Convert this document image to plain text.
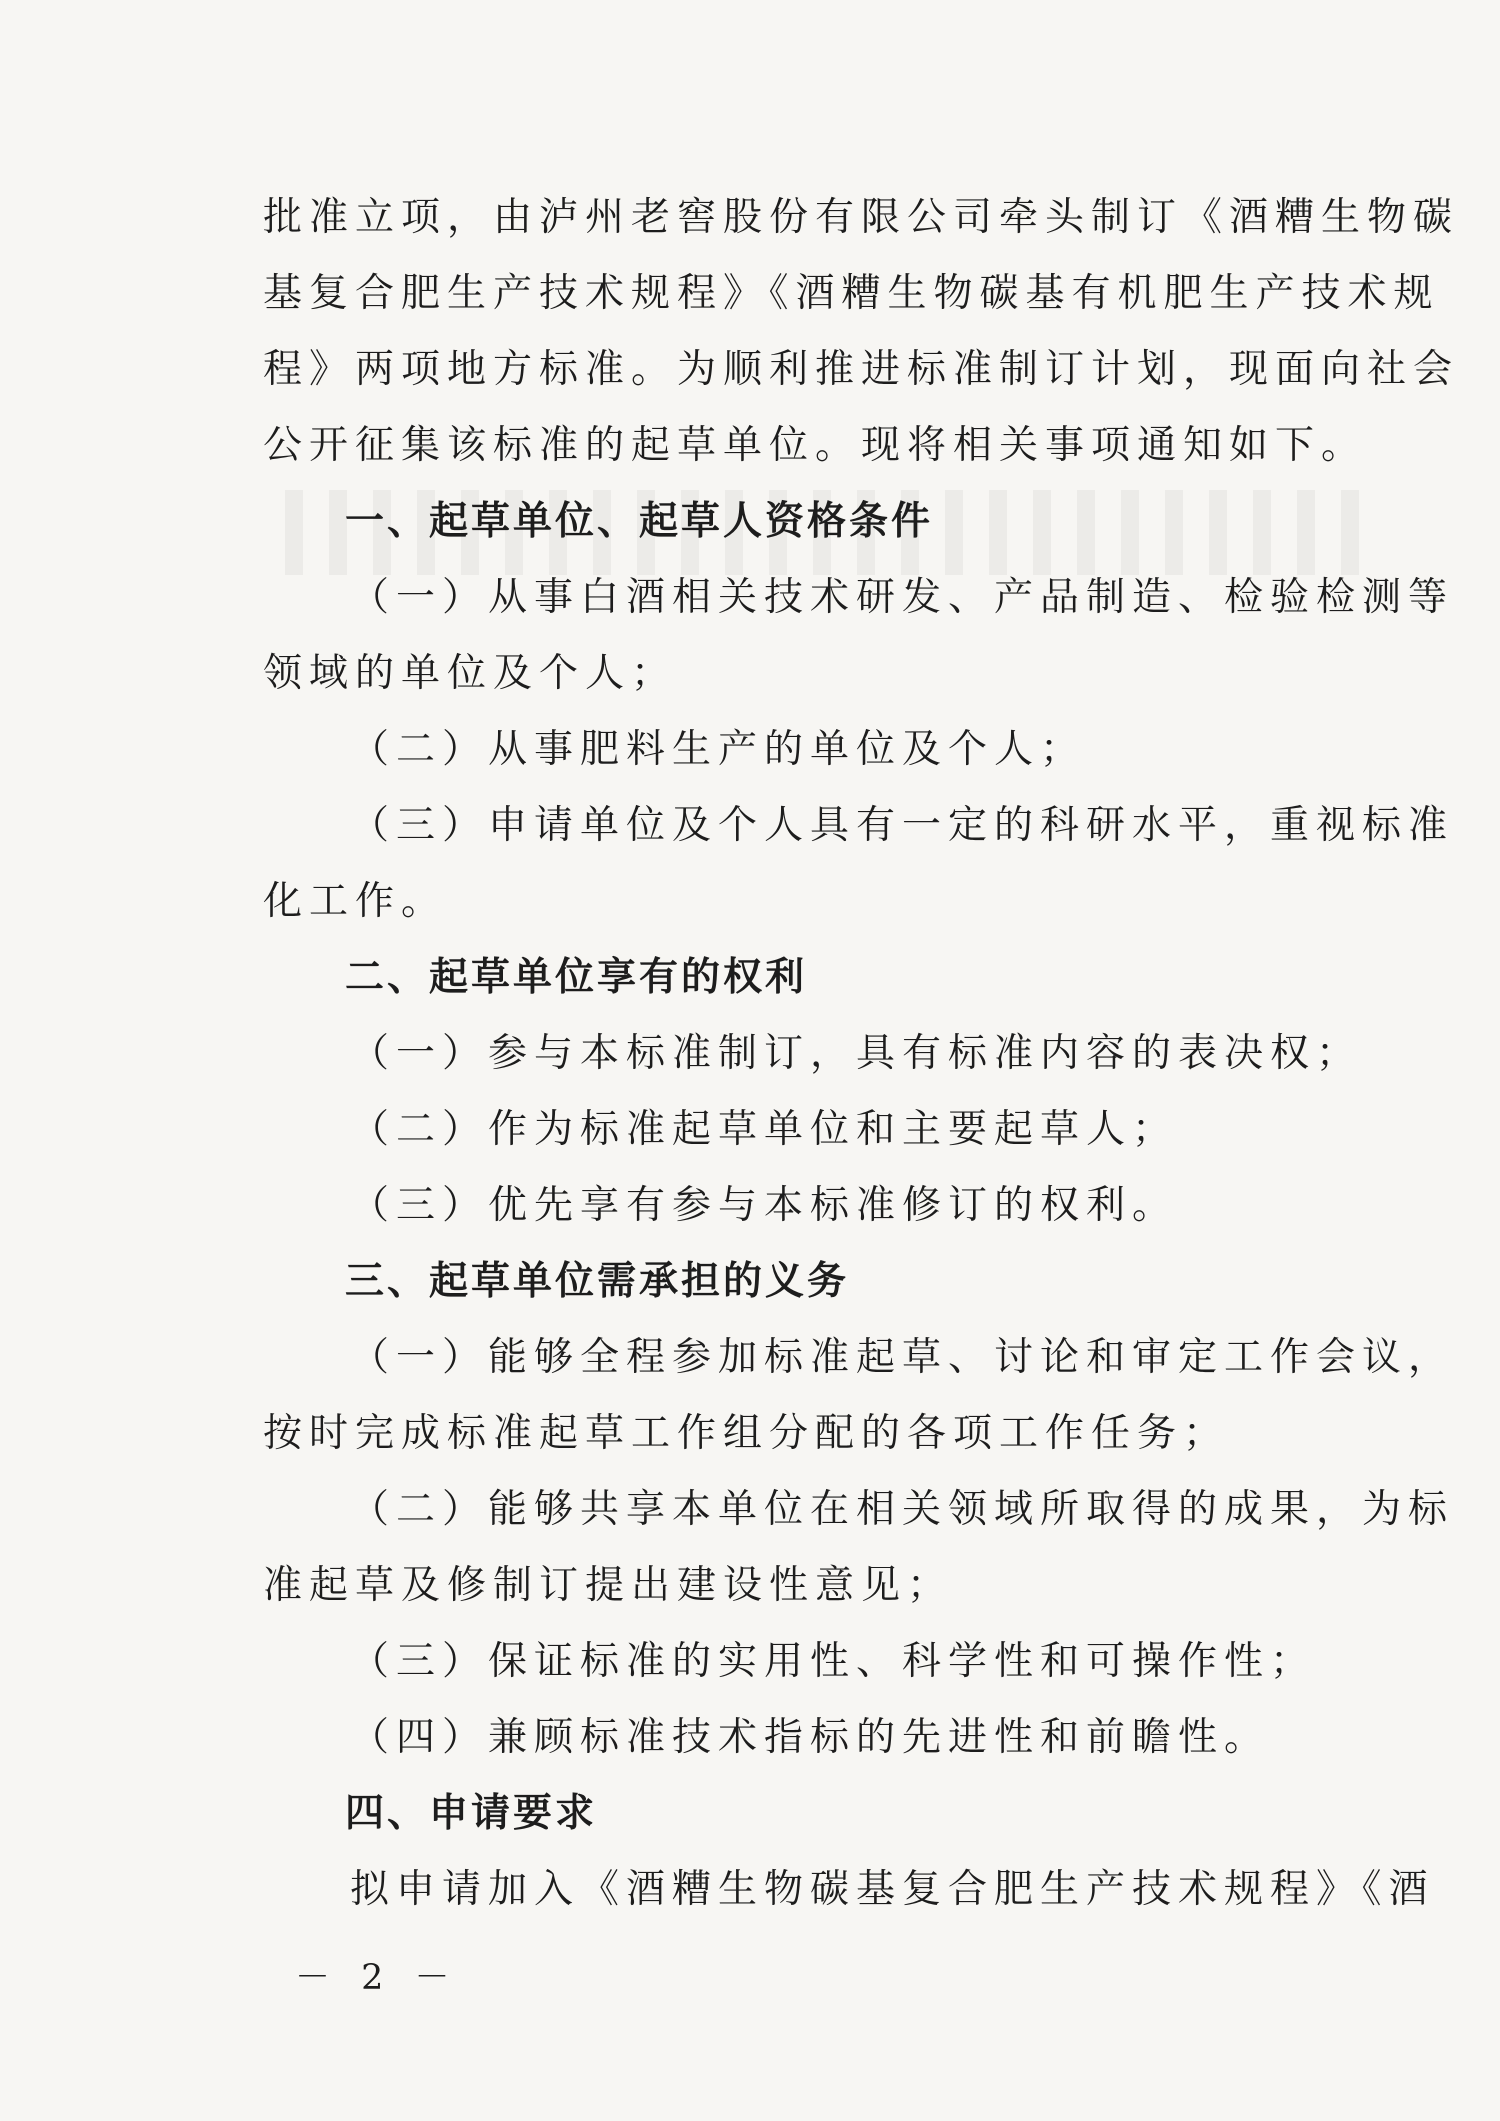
批准立项，由泸州老窖股份有限公司牵头制订《酒糟生物碳
基复合肥生产技术规程》《酒糟生物碳基有机肥生产技术规
程》两项地方标准。为顺利推进标准制订计划，现面向社会
公开征集该标准的起草单位。现将相关事项通知如下。
一、起草单位、起草人资格条件
（一）从事白酒相关技术研发、产品制造、检验检测等
领域的单位及个人；
（二）从事肥料生产的单位及个人；
（三）申请单位及个人具有一定的科研水平，重视标准
化工作。
二、起草单位享有的权利
（一）参与本标准制订，具有标准内容的表决权；
（二）作为标准起草单位和主要起草人；
（三）优先享有参与本标准修订的权利。
三、起草单位需承担的义务
（一）能够全程参加标准起草、讨论和审定工作会议，
按时完成标准起草工作组分配的各项工作任务；
（二）能够共享本单位在相关领域所取得的成果，为标
准起草及修制订提出建设性意见；
（三）保证标准的实用性、科学性和可操作性；
（四）兼顾标准技术指标的先进性和前瞻性。
四、申请要求
拟申请加入《酒糟生物碳基复合肥生产技术规程》《酒
－ 2 －
